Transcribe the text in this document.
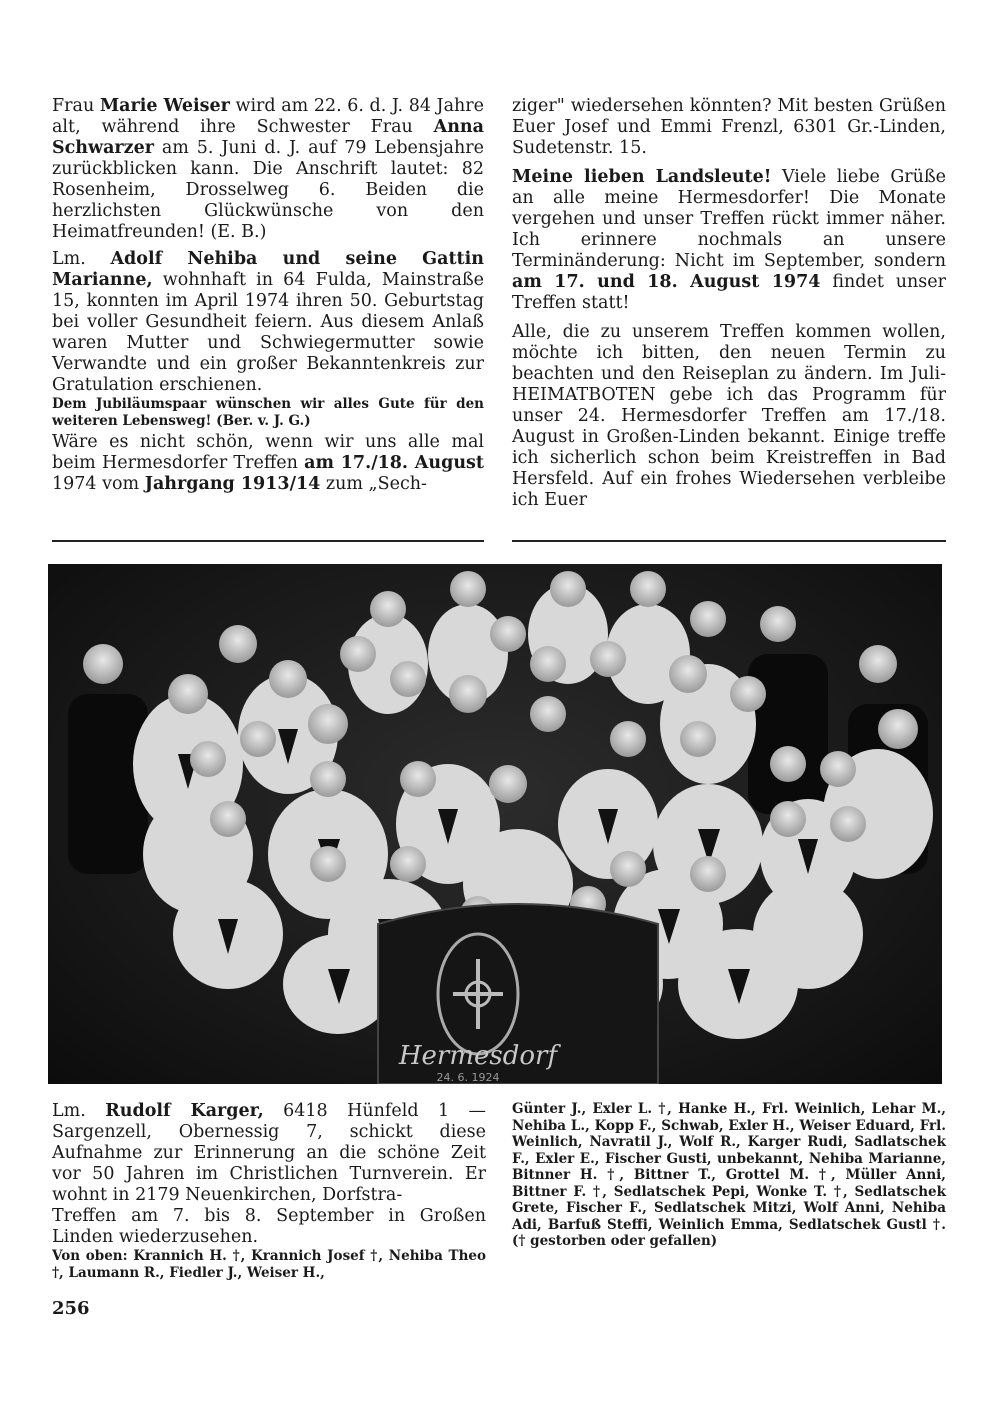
Frau Marie Weiser wird am 22. 6. d. J. 84 Jahre alt, während ihre Schwester Frau Anna Schwarzer am 5. Juni d. J. auf 79 Lebensjahre zurückblicken kann. Die Anschrift lautet: 82 Rosenheim, Drosselweg 6. Beiden die herzlichsten Glückwünsche von den Heimatfreunden! (E. B.)

Lm. Adolf Nehiba und seine Gattin Marianne, wohnhaft in 64 Fulda, Mainstraße 15, konnten im April 1974 ihren 50. Geburtstag bei voller Gesundheit feiern. Aus diesem Anlaß waren Mutter und Schwiegermutter sowie Verwandte und ein großer Bekanntenkreis zur Gratulation erschienen.

Dem Jubiläumspaar wünschen wir alles Gute für den weiteren Lebensweg! (Ber. v. J. G.)

Wäre es nicht schön, wenn wir uns alle mal beim Hermesdorfer Treffen am 17./18. August 1974 vom Jahrgang 1913/14 zum „Sech-

ziger" wiedersehen könnten? Mit besten Grüßen Euer Josef und Emmi Frenzl, 6301 Gr.-Linden, Sudetenstr. 15.

Meine lieben Landsleute! Viele liebe Grüße an alle meine Hermesdorfer! Die Monate vergehen und unser Treffen rückt immer näher. Ich erinnere nochmals an unsere Terminänderung: Nicht im September, sondern am 17. und 18. August 1974 findet unser Treffen statt!

Alle, die zu unserem Treffen kommen wollen, möchte ich bitten, den neuen Termin zu beachten und den Reiseplan zu ändern. Im Juli-HEIMATBOTEN gebe ich das Programm für unser 24. Hermesdorfer Treffen am 17./18. August in Großen-Linden bekannt. Einige treffe ich sicherlich schon beim Kreistreffen in Bad Hersfeld. Auf ein frohes Wiedersehen verbleibe ich Euer

Hermesdorf
24. 6. 1924

Lm. Rudolf Karger, 6418 Hünfeld 1 — Sargenzell, Obernessig 7, schickt diese Aufnahme zur Erinnerung an die schöne Zeit vor 50 Jahren im Christlichen Turnverein. Er wohnt in 2179 Neuenkirchen, Dorfstra-

Treffen am 7. bis 8. September in Großen Linden wiederzusehen.

Von oben: Krannich H. †, Krannich Josef †, Nehiba Theo †, Laumann R., Fiedler J., Weiser H.,

Günter J., Exler L. †, Hanke H., Frl. Weinlich, Lehar M., Nehiba L., Kopp F., Schwab, Exler H., Weiser Eduard, Frl. Weinlich, Navratil J., Wolf R., Karger Rudi, Sadlatschek F., Exler E., Fischer Gusti, unbekannt, Nehiba Marianne, Bitnner H. †, Bittner T., Grottel M. †, Müller Anni, Bittner F. †, Sedlatschek Pepi, Wonke T. †, Sedlatschek Grete, Fischer F., Sedlatschek Mitzi, Wolf Anni, Nehiba Adi, Barfuß Steffi, Weinlich Emma, Sedlatschek Gustl †. († gestorben oder gefallen)

256
